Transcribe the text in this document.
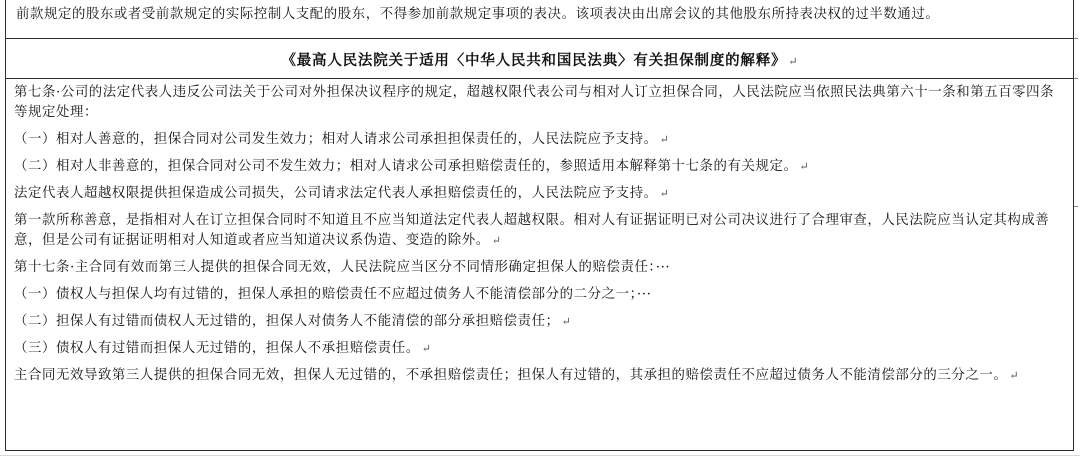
前款规定的股东或者受前款规定的实际控制人支配的股东，不得参加前款规定事项的表决。该项表决由出席会议的其他股东所持表决权的过半数通过。

《最高人民法院关于适用〈中华人民共和国民法典〉有关担保制度的解释》 ↵

第七条·公司的法定代表人违反公司法关于公司对外担保决议程序的规定，超越权限代表公司与相对人订立担保合同，人民法院应当依照民法典第六十一条和第五百零四条等规定处理：

（一）相对人善意的，担保合同对公司发生效力；相对人请求公司承担担保责任的，人民法院应予支持。 ↵

（二）相对人非善意的，担保合同对公司不发生效力；相对人请求公司承担赔偿责任的，参照适用本解释第十七条的有关规定。 ↵

法定代表人超越权限提供担保造成公司损失，公司请求法定代表人承担赔偿责任的，人民法院应予支持。 ↵

第一款所称善意，是指相对人在订立担保合同时不知道且不应当知道法定代表人超越权限。相对人有证据证明已对公司决议进行了合理审查，人民法院应当认定其构成善意，但是公司有证据证明相对人知道或者应当知道决议系伪造、变造的除外。 ↵

第十七条·主合同有效而第三人提供的担保合同无效，人民法院应当区分不同情形确定担保人的赔偿责任：···

（一）债权人与担保人均有过错的，担保人承担的赔偿责任不应超过债务人不能清偿部分的二分之一；···

（二）担保人有过错而债权人无过错的，担保人对债务人不能清偿的部分承担赔偿责任； ↵

（三）债权人有过错而担保人无过错的，担保人不承担赔偿责任。 ↵

主合同无效导致第三人提供的担保合同无效，担保人无过错的，不承担赔偿责任；担保人有过错的，其承担的赔偿责任不应超过债务人不能清偿部分的三分之一。 ↵
